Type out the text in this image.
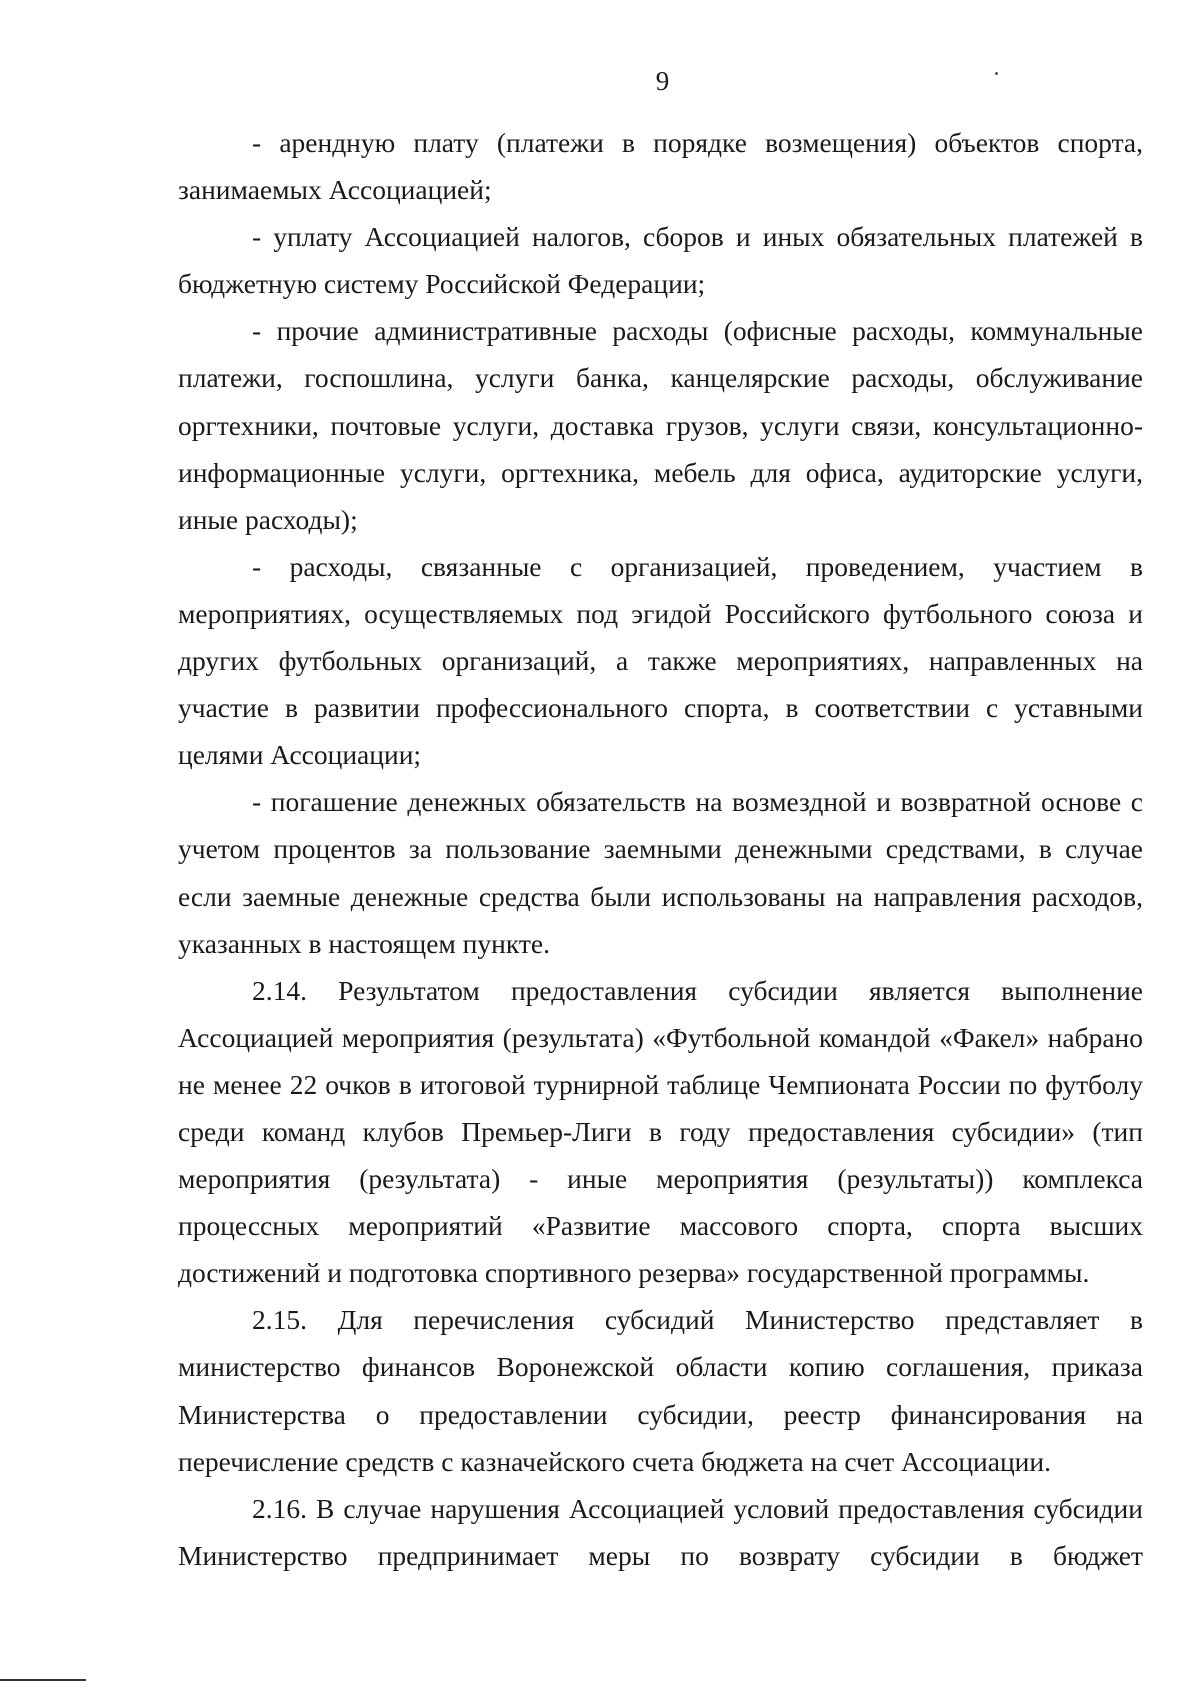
9

- арендную плату (платежи в порядке возмещения) объектов спорта, занимаемых Ассоциацией;

- уплату Ассоциацией налогов, сборов и иных обязательных платежей в бюджетную систему Российской Федерации;

- прочие административные расходы (офисные расходы, коммунальные платежи, госпошлина, услуги банка, канцелярские расходы, обслуживание оргтехники, почтовые услуги, доставка грузов, услуги связи, консультационно-информационные услуги, оргтехника, мебель для офиса, аудиторские услуги, иные расходы);

- расходы, связанные с организацией, проведением, участием в мероприятиях, осуществляемых под эгидой Российского футбольного союза и других футбольных организаций, а также мероприятиях, направленных на участие в развитии профессионального спорта, в соответствии с уставными целями Ассоциации;

- погашение денежных обязательств на возмездной и возвратной основе с учетом процентов за пользование заемными денежными средствами, в случае если заемные денежные средства были использованы на направления расходов, указанных в настоящем пункте.

2.14. Результатом предоставления субсидии является выполнение Ассоциацией мероприятия (результата) «Футбольной командой «Факел» набрано не менее 22 очков в итоговой турнирной таблице Чемпионата России по футболу среди команд клубов Премьер-Лиги в году предоставления субсидии» (тип мероприятия (результата) - иные мероприятия (результаты)) комплекса процессных мероприятий «Развитие массового спорта, спорта высших достижений и подготовка спортивного резерва» государственной программы.

2.15. Для перечисления субсидий Министерство представляет в министерство финансов Воронежской области копию соглашения, приказа Министерства о предоставлении субсидии, реестр финансирования на перечисление средств с казначейского счета бюджета на счет Ассоциации.

2.16. В случае нарушения Ассоциацией условий предоставления субсидии Министерство предпринимает меры по возврату субсидии в бюджет
